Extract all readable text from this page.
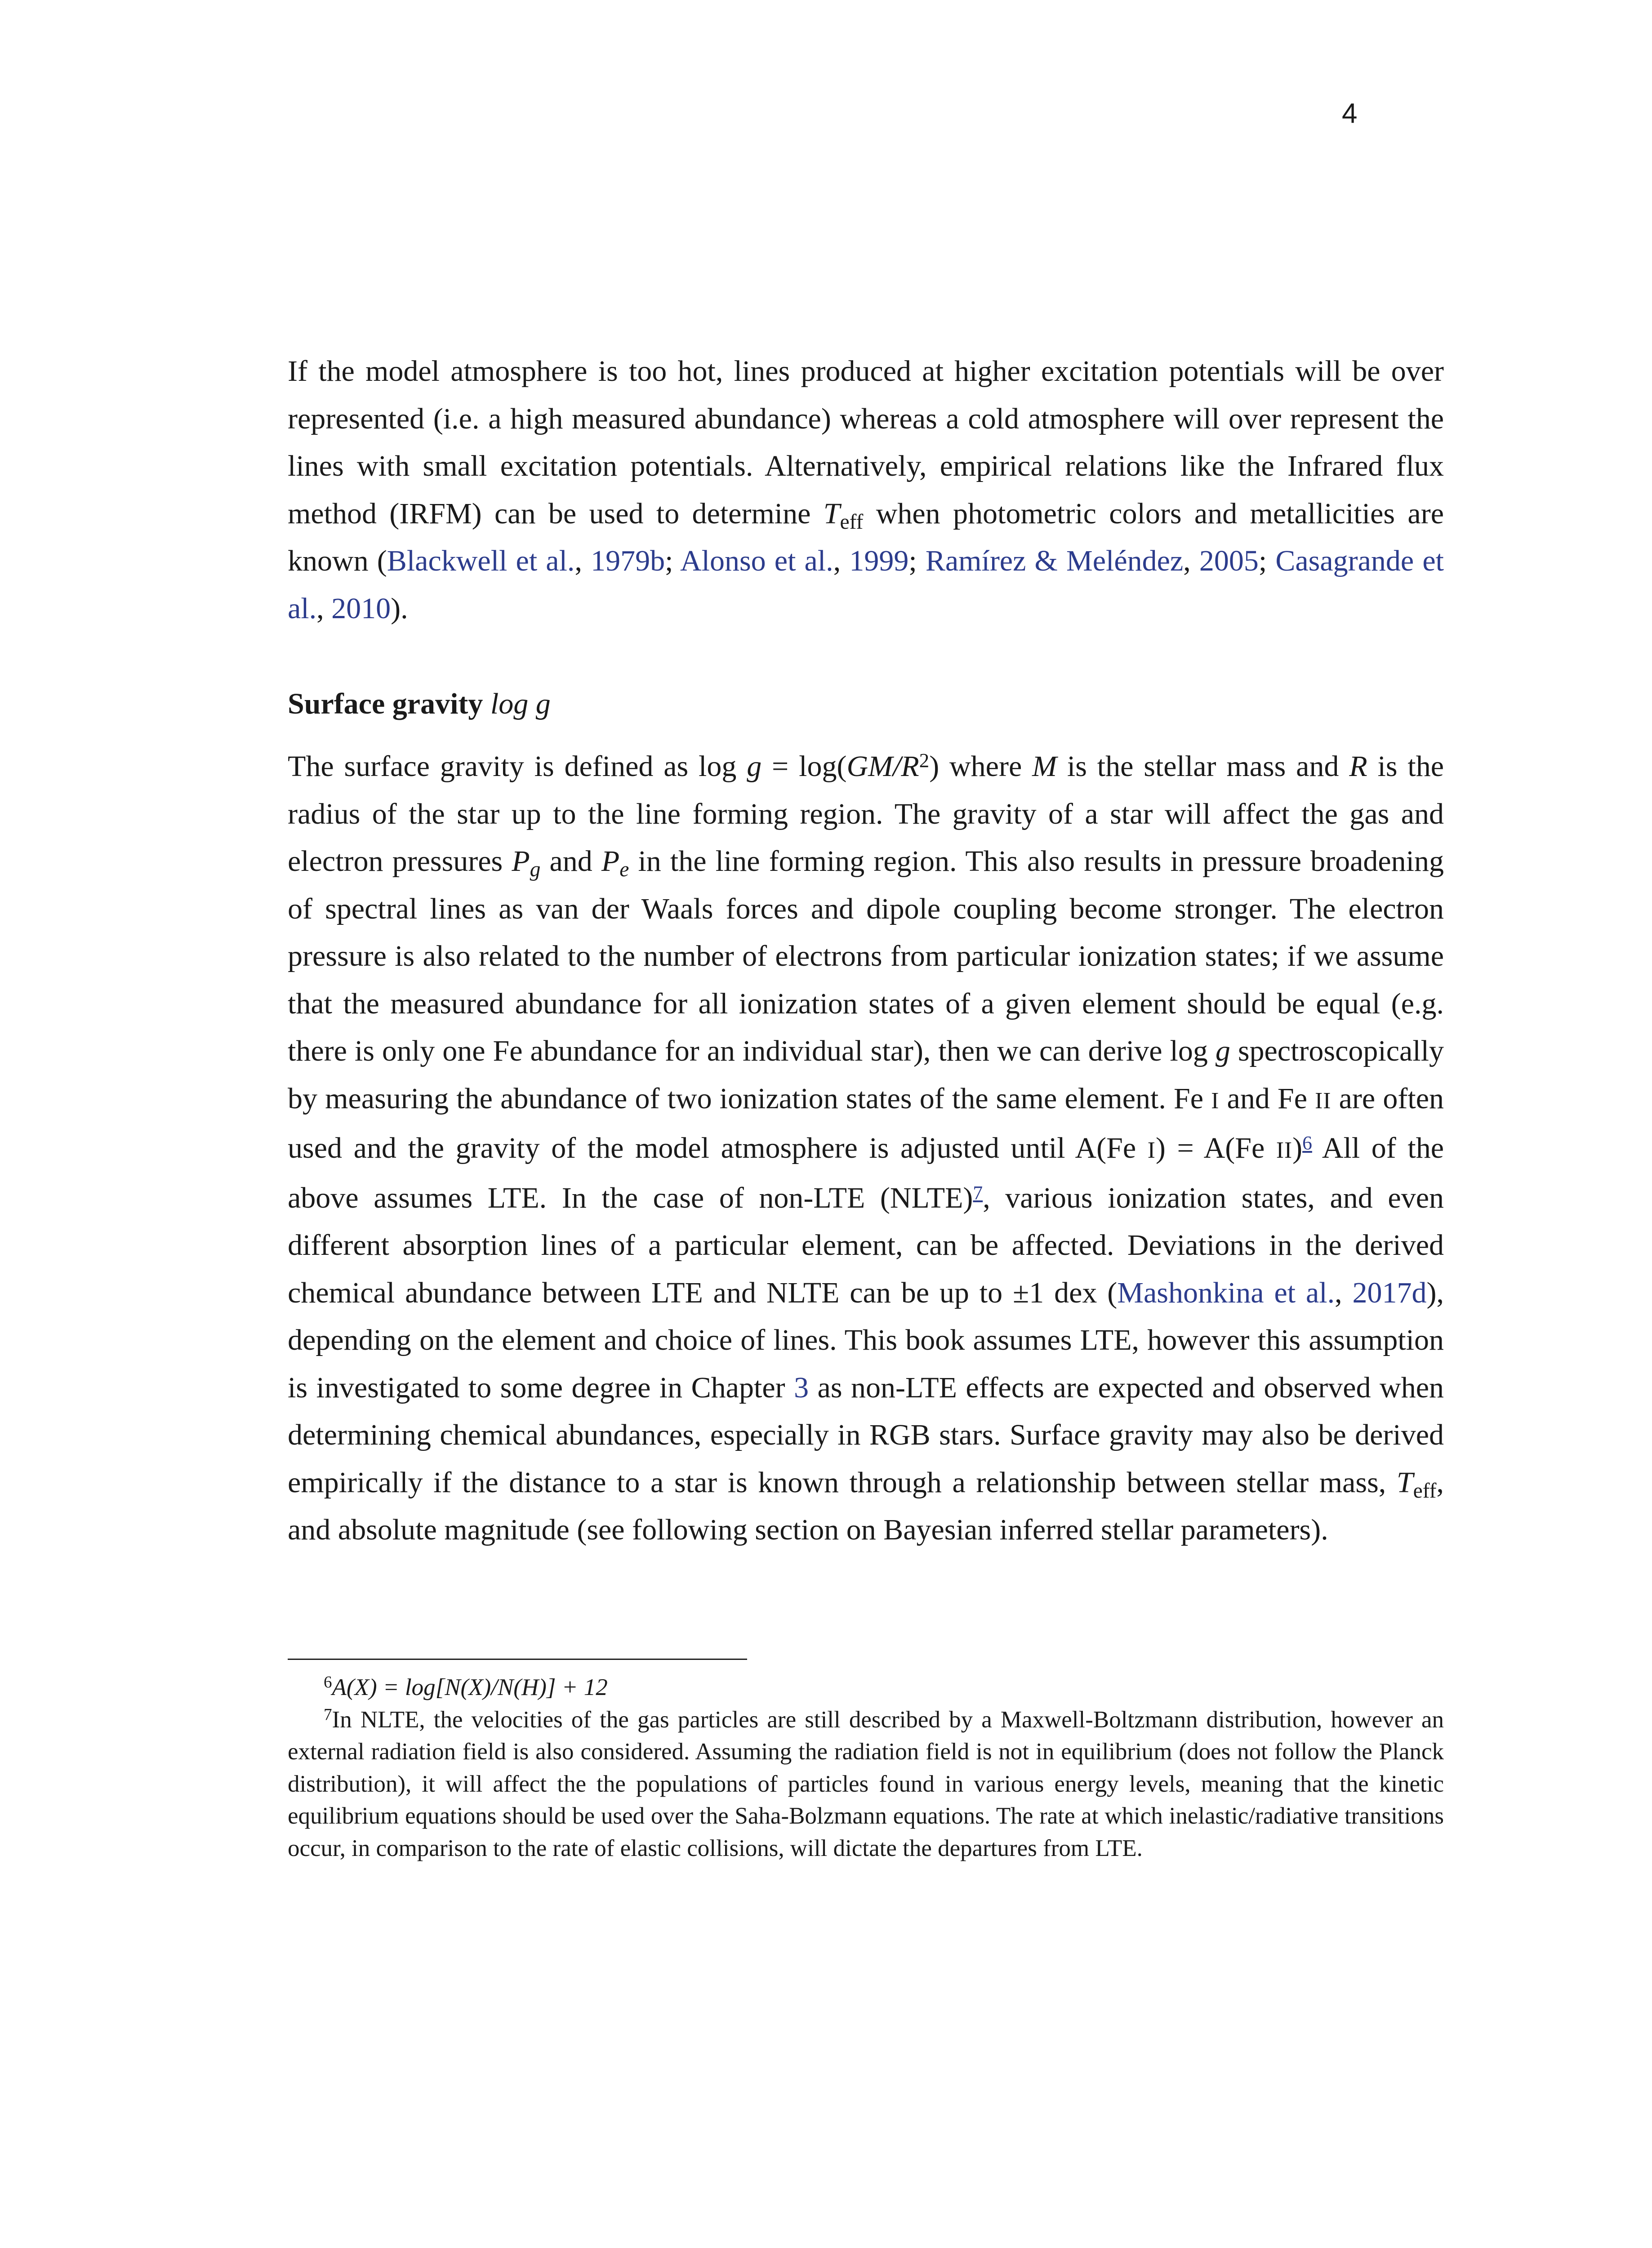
4

If the model atmosphere is too hot, lines produced at higher excitation potentials will be over represented (i.e. a high measured abundance) whereas a cold atmosphere will over represent the lines with small excitation potentials. Alternatively, empirical relations like the Infrared flux method (IRFM) can be used to determine $T_{eff}$ when photometric colors and metallicities are known (Blackwell et al., 1979b; Alonso et al., 1999; Ramírez & Meléndez, 2005; Casagrande et al., 2010).

Surface gravity log g

The surface gravity is defined as $\log g = \log(GM/R^2)$ where M is the stellar mass and R is the radius of the star up to the line forming region. The gravity of a star will affect the gas and electron pressures $P_g$ and $P_e$ in the line forming region. This also results in pressure broadening of spectral lines as van der Waals forces and dipole coupling become stronger. The electron pressure is also related to the number of electrons from particular ionization states; if we assume that the measured abundance for all ionization states of a given element should be equal (e.g. there is only one Fe abundance for an individual star), then we can derive log g spectroscopically by measuring the abundance of two ionization states of the same element. Fe I and Fe II are often used and the gravity of the model atmosphere is adjusted until A(Fe I) = A(Fe II)$^6$ All of the above assumes LTE. In the case of non-LTE (NLTE)$^7$, various ionization states, and even different absorption lines of a particular element, can be affected. Deviations in the derived chemical abundance between LTE and NLTE can be up to ±1 dex (Mashonkina et al., 2017d), depending on the element and choice of lines. This book assumes LTE, however this assumption is investigated to some degree in Chapter 3 as non-LTE effects are expected and observed when determining chemical abundances, especially in RGB stars. Surface gravity may also be derived empirically if the distance to a star is known through a relationship between stellar mass, $T_{eff}$, and absolute magnitude (see following section on Bayesian inferred stellar parameters).

$^6$A(X) = log[N(X)/N(H)] + 12

$^7$In NLTE, the velocities of the gas particles are still described by a Maxwell-Boltzmann distribution, however an external radiation field is also considered. Assuming the radiation field is not in equilibrium (does not follow the Planck distribution), it will affect the the populations of particles found in various energy levels, meaning that the kinetic equilibrium equations should be used over the Saha-Bolzmann equations. The rate at which inelastic/radiative transitions occur, in comparison to the rate of elastic collisions, will dictate the departures from LTE.
